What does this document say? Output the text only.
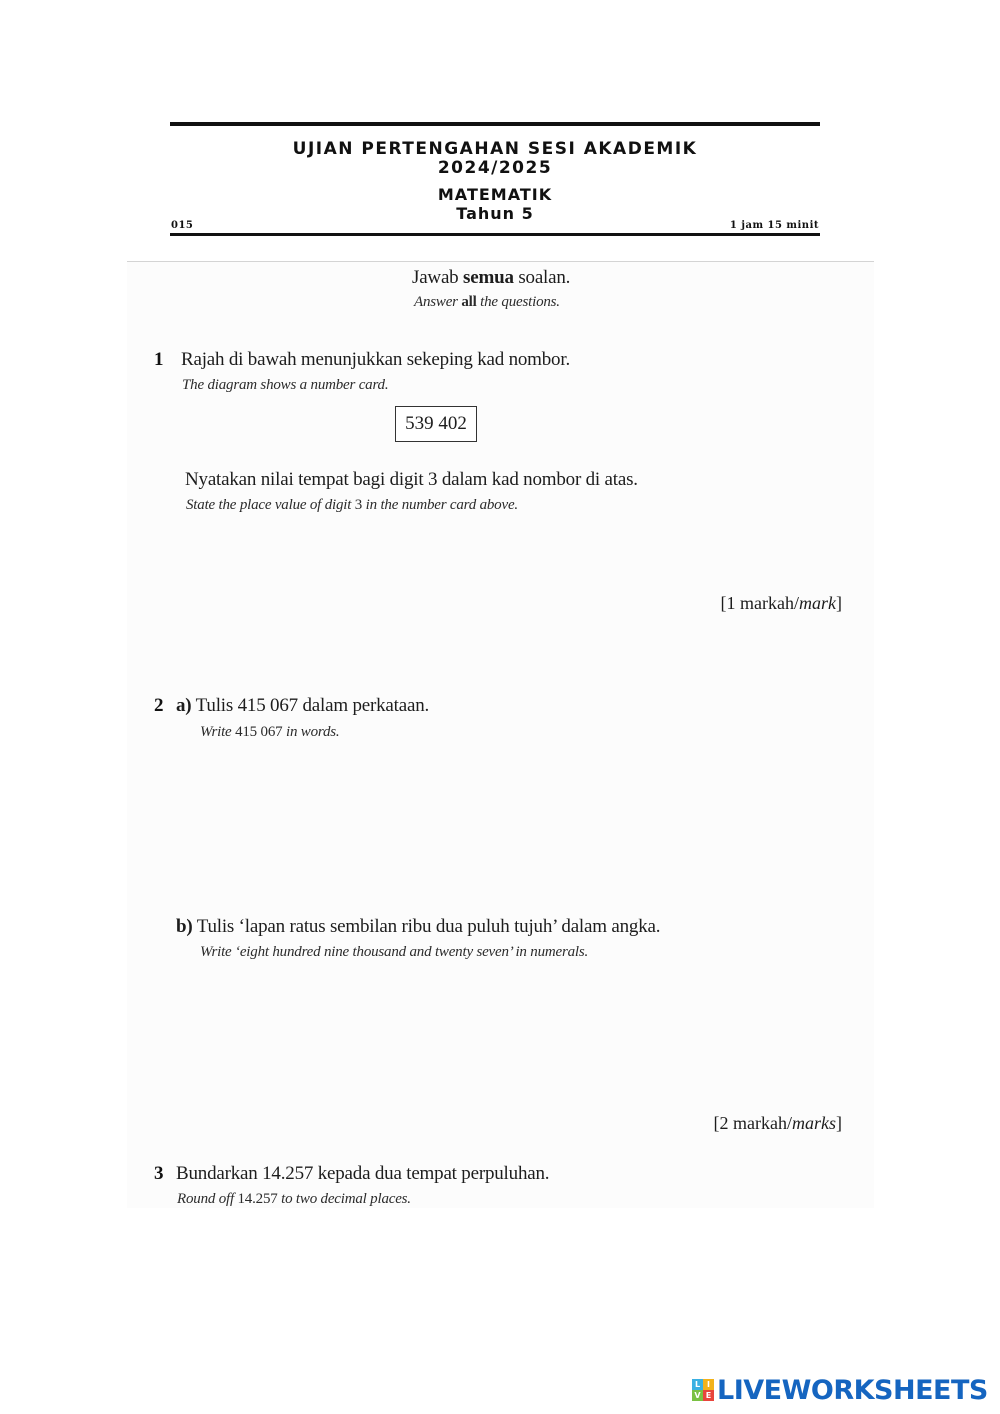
UJIAN PERTENGAHAN SESI AKADEMIK
2024/2025
MATEMATIK
Tahun 5
015	1 jam 15 minit
Jawab semua soalan.
Answer all the questions.
1 Rajah di bawah menunjukkan sekeping kad nombor.
The diagram shows a number card.
539 402
Nyatakan nilai tempat bagi digit 3 dalam kad nombor di atas.
State the place value of digit 3 in the number card above.
[1 markah/mark]
2 a) Tulis 415 067 dalam perkataan.
Write 415 067 in words.
b) Tulis ‘lapan ratus sembilan ribu dua puluh tujuh’ dalam angka.
Write ‘eight hundred nine thousand and twenty seven’ in numerals.
[2 markah/marks]
3 Bundarkan 14.257 kepada dua tempat perpuluhan.
Round off 14.257 to two decimal places.
L I
V E LIVEWORKSHEETS
